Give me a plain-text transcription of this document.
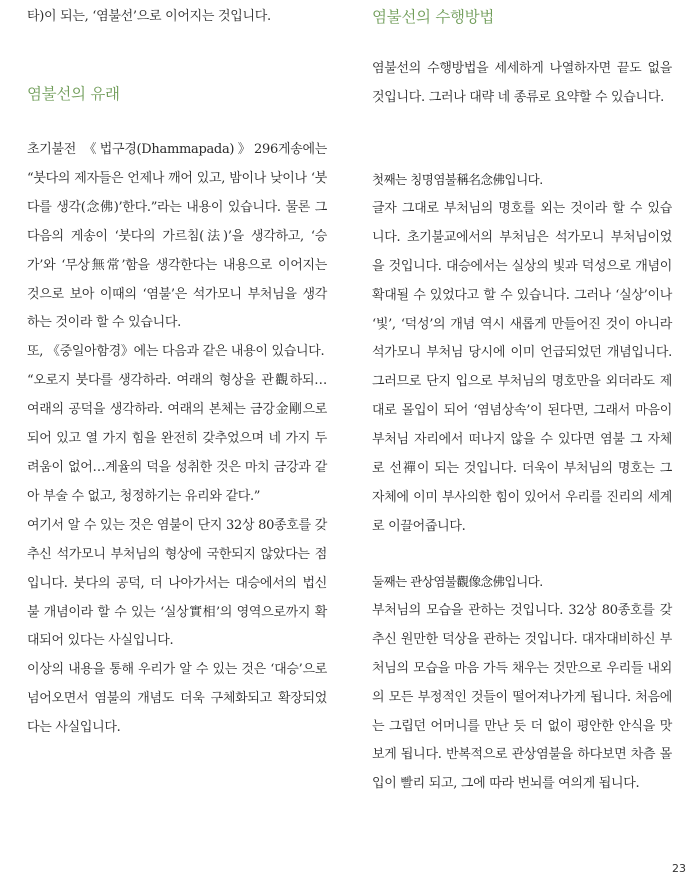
타)이 되는, ‘염불선’으로 이어지는 것입니다.

염불선의 유래

초기불전 《법구경(Dhammapada)》296게송에는 “붓다의 제자들은 언제나 깨어 있고, 밤이나 낮이나 ‘붓다를 생각(念佛)’한다.”라는 내용이 있습니다. 물론 그 다음의 게송이 ‘붓다의 가르침(法)’을 생각하고, ‘승가’와 ‘무상無常’함을 생각한다는 내용으로 이어지는 것으로 보아 이때의 ‘염불’은 석가모니 부처님을 생각하는 것이라 할 수 있습니다.

또, 《중일아함경》에는 다음과 같은 내용이 있습니다.

“오로지 붓다를 생각하라. 여래의 형상을 관觀하되… 여래의 공덕을 생각하라. 여래의 본체는 금강金剛으로 되어 있고 열 가지 힘을 완전히 갖추었으며 네 가지 두려움이 없어…계율의 덕을 성취한 것은 마치 금강과 같아 부술 수 없고, 청정하기는 유리와 같다.”

여기서 알 수 있는 것은 염불이 단지 32상 80종호를 갖추신 석가모니 부처님의 형상에 국한되지 않았다는 점입니다. 붓다의 공덕, 더 나아가서는 대승에서의 법신불 개념이라 할 수 있는 ‘실상實相’의 영역으로까지 확대되어 있다는 사실입니다.

이상의 내용을 통해 우리가 알 수 있는 것은 ‘대승’으로 넘어오면서 염불의 개념도 더욱 구체화되고 확장되었다는 사실입니다.

염불선의 수행방법

염불선의 수행방법을 세세하게 나열하자면 끝도 없을 것입니다. 그러나 대략 네 종류로 요약할 수 있습니다.

첫째는 칭명염불稱名念佛입니다.

글자 그대로 부처님의 명호를 외는 것이라 할 수 있습니다. 초기불교에서의 부처님은 석가모니 부처님이었을 것입니다. 대승에서는 실상의 빛과 덕성으로 개념이 확대될 수 있었다고 할 수 있습니다. 그러나 ‘실상’이나 ‘빛’, ‘덕성’의 개념 역시 새롭게 만들어진 것이 아니라 석가모니 부처님 당시에 이미 언급되었던 개념입니다. 그러므로 단지 입으로 부처님의 명호만을 외더라도 제대로 몰입이 되어 ‘염념상속’이 된다면, 그래서 마음이 부처님 자리에서 떠나지 않을 수 있다면 염불 그 자체로 선禪이 되는 것입니다. 더욱이 부처님의 명호는 그 자체에 이미 부사의한 힘이 있어서 우리를 진리의 세계로 이끌어줍니다.

둘째는 관상염불觀像念佛입니다.

부처님의 모습을 관하는 것입니다. 32상 80종호를 갖추신 원만한 덕상을 관하는 것입니다. 대자대비하신 부처님의 모습을 마음 가득 채우는 것만으로 우리들 내외의 모든 부정적인 것들이 떨어져나가게 됩니다. 처음에는 그립던 어머니를 만난 듯 더 없이 평안한 안식을 맛보게 됩니다. 반복적으로 관상염불을 하다보면 차츰 몰입이 빨리 되고, 그에 따라 번뇌를 여의게 됩니다.

23
